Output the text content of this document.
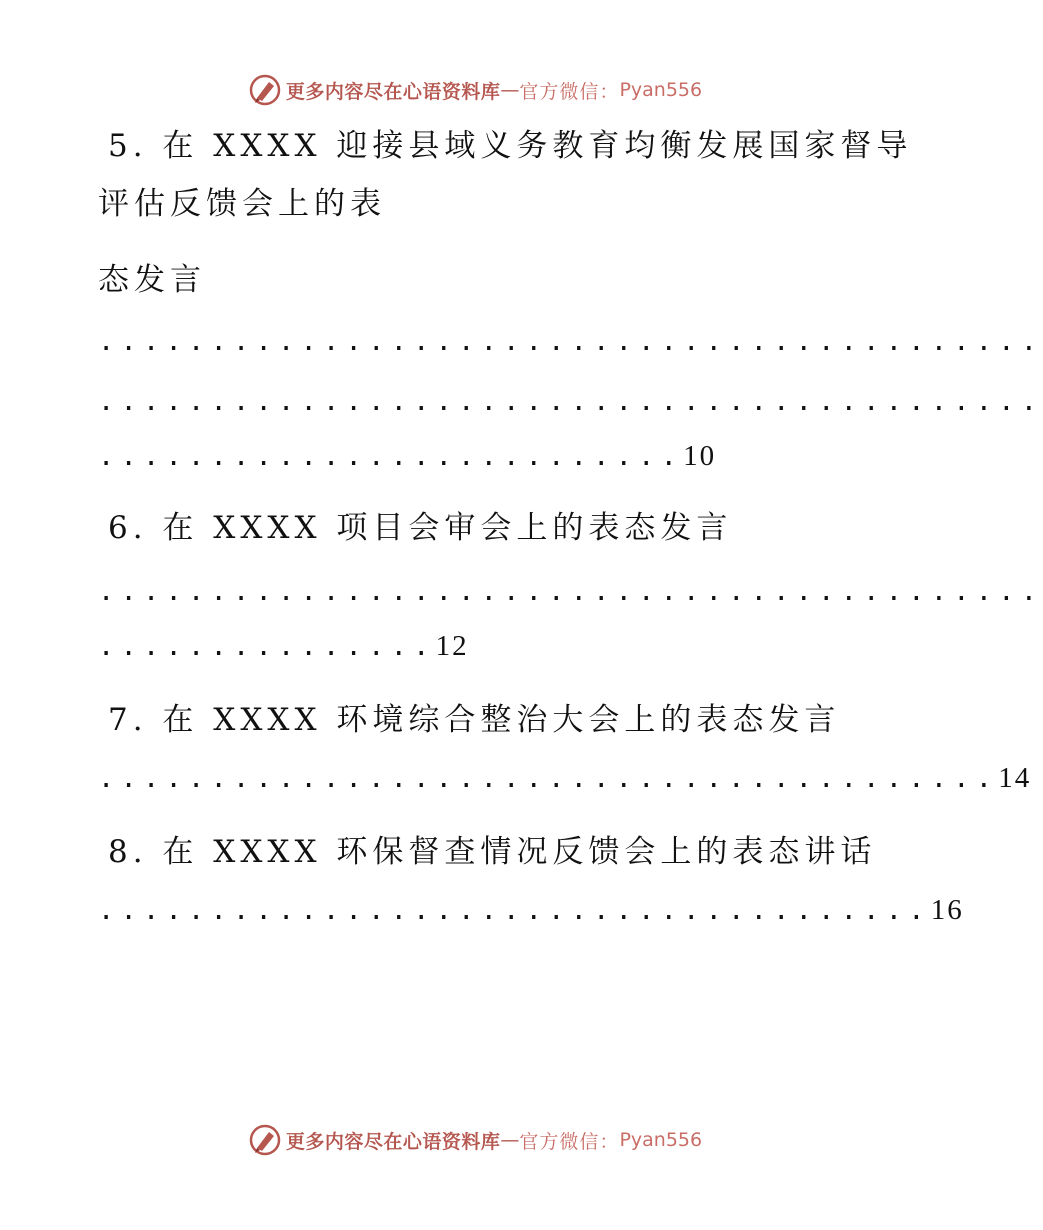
更多内容尽在心语资料库 — 官方微信： Pyan556
5. 在 XXXX 迎接县域义务教育均衡发展国家督导
评估反馈会上的表
态发言
..........................................
..........................................
..........................10
6. 在 XXXX 项目会审会上的表态发言
..........................................
...............12
7. 在 XXXX 环境综合整治大会上的表态发言
........................................14
8. 在 XXXX 环保督查情况反馈会上的表态讲话
.....................................16
更多内容尽在心语资料库 — 官方微信： Pyan556
